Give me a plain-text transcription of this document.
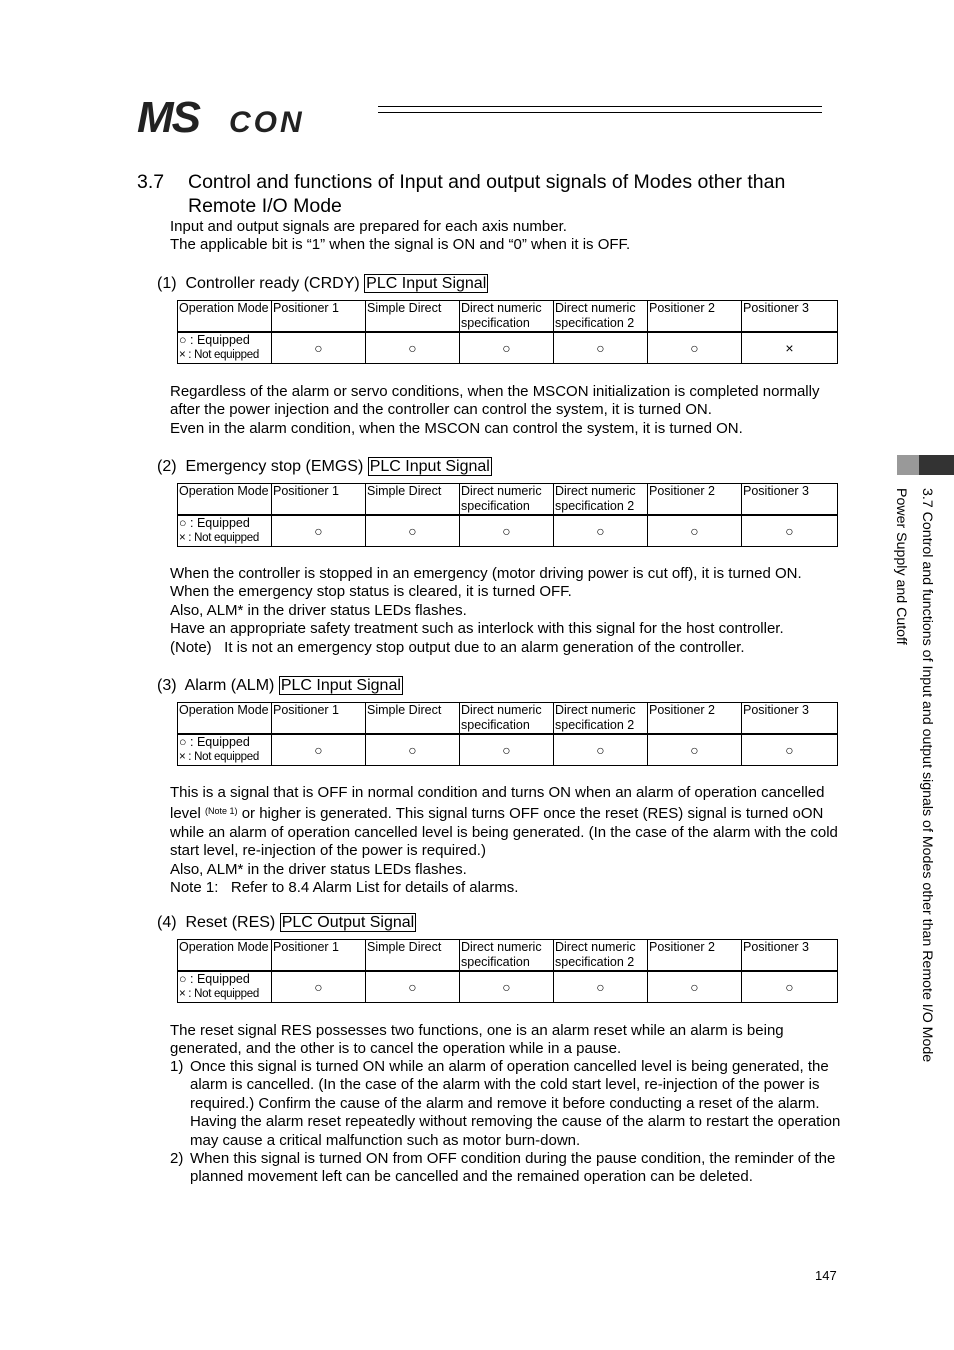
MS CON
3.7 Control and functions of Input and output signals of Modes other than Remote I/O Mode

Input and output signals are prepared for each axis number.

The applicable bit is “1” when the signal is ON and “0” when it is OFF.

(1) Controller ready (CRDY) PLC Input Signal
Operation Mode	Positioner 1	Simple Direct	Direct numeric specification	Direct numeric specification 2	Positioner 2	Positioner 3

○ : Equipped
× : Not equipped	○	○	○	○	○	×

Regardless of the alarm or servo conditions, when the MSCON initialization is completed normally after the power injection and the controller can control the system, it is turned ON.

Even in the alarm condition, when the MSCON can control the system, it is turned ON.

(2) Emergency stop (EMGS) PLC Input Signal
Operation Mode	Positioner 1	Simple Direct	Direct numeric specification	Direct numeric specification 2	Positioner 2	Positioner 3

○ : Equipped
× : Not equipped	○	○	○	○	○	○

When the controller is stopped in an emergency (motor driving power is cut off), it is turned ON.

When the emergency stop status is cleared, it is turned OFF.

Also, ALM* in the driver status LEDs flashes.

Have an appropriate safety treatment such as interlock with this signal for the host controller.

(Note)   It is not an emergency stop output due to an alarm generation of the controller.

(3) Alarm (ALM) PLC Input Signal
Operation Mode	Positioner 1	Simple Direct	Direct numeric specification	Direct numeric specification 2	Positioner 2	Positioner 3

○ : Equipped
× : Not equipped	○	○	○	○	○	○

This is a signal that is OFF in normal condition and turns ON when an alarm of operation cancelled level $^{(Note 1)}$ or higher is generated. This signal turns OFF once the reset (RES) signal is turned oON while an alarm of operation cancelled level is being generated. (In the case of the alarm with the cold start level, re-injection of the power is required.)

Also, ALM* in the driver status LEDs flashes.

Note 1:   Refer to 8.4 Alarm List for details of alarms.

(4) Reset (RES) PLC Output Signal
Operation Mode	Positioner 1	Simple Direct	Direct numeric specification	Direct numeric specification 2	Positioner 2	Positioner 3

○ : Equipped
× : Not equipped	○	○	○	○	○	○

The reset signal RES possesses two functions, one is an alarm reset while an alarm is being generated, and the other is to cancel the operation while in a pause.

1) Once this signal is turned ON while an alarm of operation cancelled level is being generated, the alarm is cancelled. (In the case of the alarm with the cold start level, re-injection of the power is required.) Confirm the cause of the alarm and remove it before conducting a reset of the alarm. Having the alarm reset repeatedly without removing the cause of the alarm to restart the operation may cause a critical malfunction such as motor burn-down.
2) When this signal is turned ON from OFF condition during the pause condition, the reminder of the planned movement left can be cancelled and the remained operation can be deleted.
3.7 Control and functions of Input and output signals of Modes other than Remote I/O Mode
Power Supply and Cutoff
147
